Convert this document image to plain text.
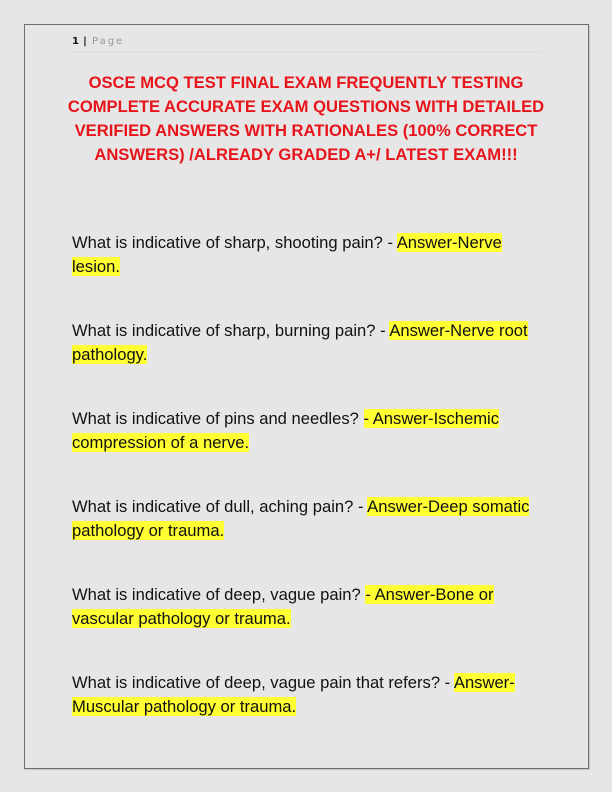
1 | Page
OSCE MCQ TEST FINAL EXAM FREQUENTLY TESTING COMPLETE ACCURATE EXAM QUESTIONS WITH DETAILED VERIFIED ANSWERS WITH RATIONALES (100% CORRECT ANSWERS) /ALREADY GRADED A+/ LATEST EXAM!!!
What is indicative of sharp, shooting pain? - Answer-Nerve lesion.
What is indicative of sharp, burning pain? - Answer-Nerve root pathology.
What is indicative of pins and needles? - Answer-Ischemic compression of a nerve.
What is indicative of dull, aching pain? - Answer-Deep somatic pathology or trauma.
What is indicative of deep, vague pain? - Answer-Bone or vascular pathology or trauma.
What is indicative of deep, vague pain that refers? - Answer-Muscular pathology or trauma.
